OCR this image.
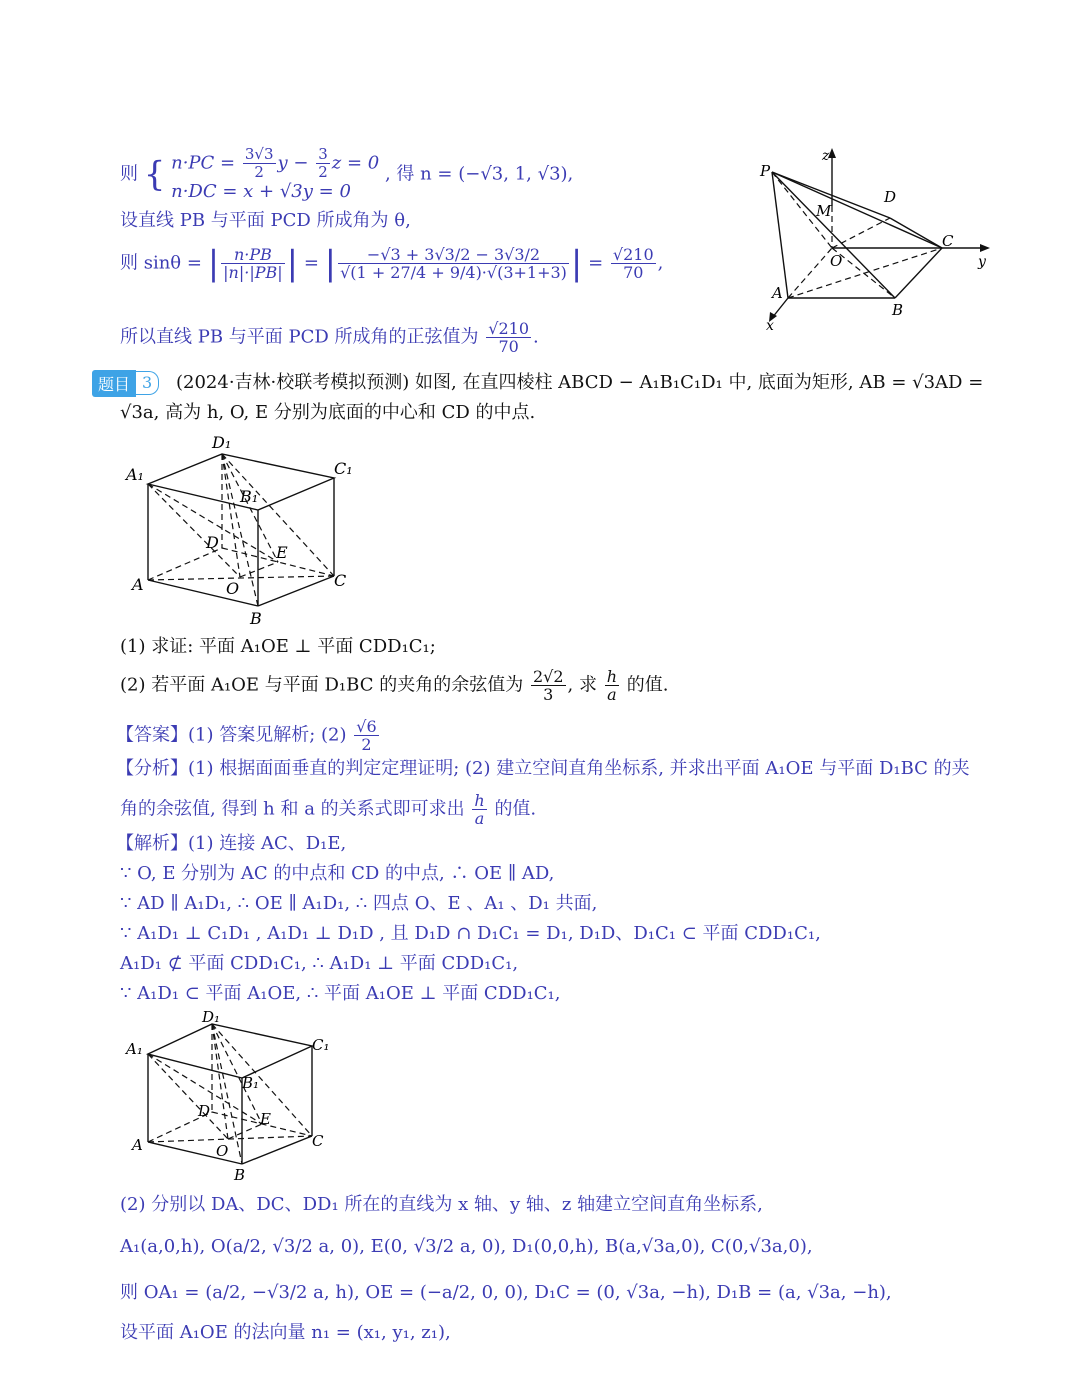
则 { $n\cdot PC = \frac{3√3}{2}$ $y - \frac{3}{2}$ z = 0
n·DC = x + √3y = 0
, 得 n = (−√3, 1, √3),
设直线 PB 与平面 PCD 所成角为 θ,
则 sinθ = | $\frac{n\cdot PB}{|n|\cdot|PB|}$ | = | $\frac{-√3 + 3√3/2 - 3√3/2}{√(1 + 27/4 + 9/4)\cdot√(3+1+3)}$ | = $\frac{√210}{70}$ ,
所以直线 PB 与平面 PCD 所成角的正弦值为 $\frac{√210}{70}$ .
P
z
D
M
C
y
O
A
B
x
题目 3	(2024·吉林·校联考模拟预测) 如图, 在直四棱柱 ABCD − A₁B₁C₁D₁ 中, 底面为矩形, AB = √3AD =
√3a, 高为 h, O, E 分别为底面的中心和 CD 的中点.
D₁
A₁	C₁
B₁
D
E
A	O	C
B
(1) 求证: 平面 A₁OE ⊥ 平面 CDD₁C₁;
(2) 若平面 A₁OE 与平面 D₁BC 的夹角的余弦值为 $\frac{2√2}{3}$ , 求 $\frac{h}{a}$ 的值.
【答案】(1) 答案见解析; $(2) \frac{√6}{2}$
【分析】(1) 根据面面垂直的判定定理证明; (2) 建立空间直角坐标系, 并求出平面 A₁OE 与平面 D₁BC 的夹
角的余弦值, 得到 h 和 a 的关系式即可求出 $\frac{h}{a}$ 的值.
【解析】(1) 连接 AC、D₁E,
∵ O, E 分别为 AC 的中点和 CD 的中点, ∴ OE ∥ AD,
∵ AD ∥ A₁D₁, ∴ OE ∥ A₁D₁, ∴ 四点 O、E 、A₁ 、D₁ 共面,
∵ A₁D₁ ⊥ C₁D₁ , A₁D₁ ⊥ D₁D , 且 D₁D ∩ D₁C₁ = D₁, D₁D、D₁C₁ ⊂ 平面 CDD₁C₁,
A₁D₁ ⊄ 平面 CDD₁C₁, ∴ A₁D₁ ⊥ 平面 CDD₁C₁,
∵ A₁D₁ ⊂ 平面 A₁OE, ∴ 平面 A₁OE ⊥ 平面 CDD₁C₁,
D₁
A₁	C₁
B₁
D	E
A	O
C
B
(2) 分别以 DA、DC、DD₁ 所在的直线为 x 轴、y 轴、z 轴建立空间直角坐标系,
A₁(a,0,h), O(a/2, √3/2 a, 0), E(0, √3/2 a, 0), D₁(0,0,h), B(a,√3a,0), C(0,√3a,0),
则 OA₁ = (a/2, −√3/2 a, h), OE = (−a/2, 0, 0), D₁C = (0, √3a, −h), D₁B = (a, √3a, −h),
设平面 A₁OE 的法向量 n₁ = (x₁, y₁, z₁),
